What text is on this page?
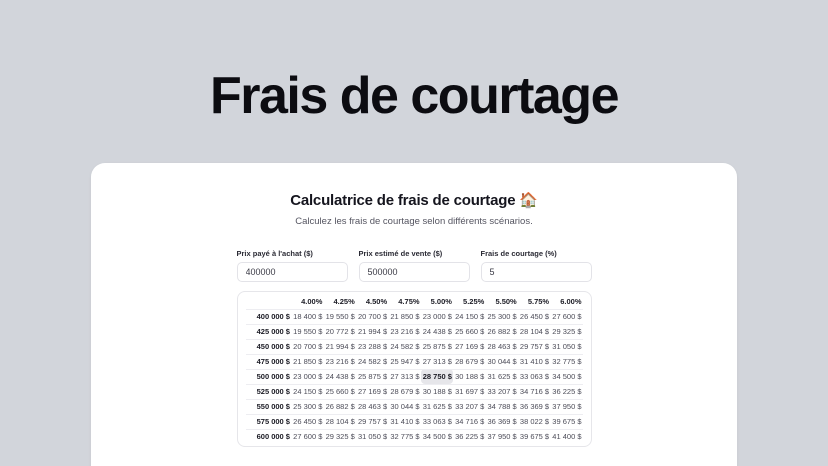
Frais de courtage
Calculatrice de frais de courtage 🏠

Calculez les frais de courtage selon différents scénarios.

Prix payé à l'achat ($)
400000	Prix estimé de vente ($)
500000	Frais de courtage (%)
5
	4.00%	4.25%	4.50%	4.75%	5.00%	5.25%	5.50%	5.75%	6.00%
400 000 $	18 400 $	19 550 $	20 700 $	21 850 $	23 000 $	24 150 $	25 300 $	26 450 $	27 600 $
425 000 $	19 550 $	20 772 $	21 994 $	23 216 $	24 438 $	25 660 $	26 882 $	28 104 $	29 325 $
450 000 $	20 700 $	21 994 $	23 288 $	24 582 $	25 875 $	27 169 $	28 463 $	29 757 $	31 050 $
475 000 $	21 850 $	23 216 $	24 582 $	25 947 $	27 313 $	28 679 $	30 044 $	31 410 $	32 775 $
500 000 $	23 000 $	24 438 $	25 875 $	27 313 $	28 750 $	30 188 $	31 625 $	33 063 $	34 500 $
525 000 $	24 150 $	25 660 $	27 169 $	28 679 $	30 188 $	31 697 $	33 207 $	34 716 $	36 225 $
550 000 $	25 300 $	26 882 $	28 463 $	30 044 $	31 625 $	33 207 $	34 788 $	36 369 $	37 950 $
575 000 $	26 450 $	28 104 $	29 757 $	31 410 $	33 063 $	34 716 $	36 369 $	38 022 $	39 675 $
600 000 $	27 600 $	29 325 $	31 050 $	32 775 $	34 500 $	36 225 $	37 950 $	39 675 $	41 400 $
